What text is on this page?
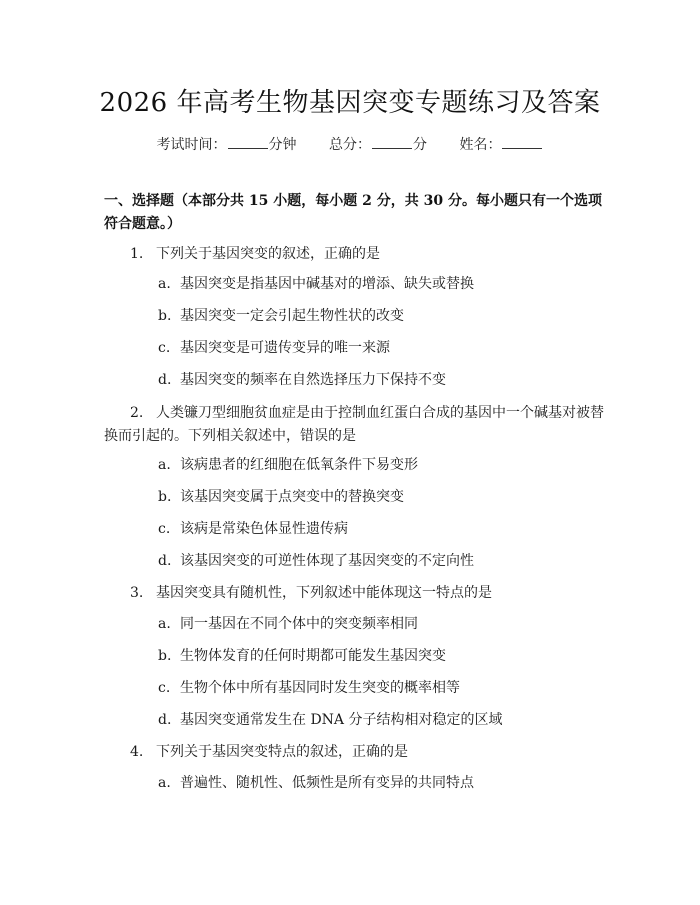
2026 年高考生物基因突变专题练习及答案
考试时间：	分钟 总分：	分 姓名：
一、选择题（本部分共 15 小题，每小题 2 分，共 30 分。每小题只有一个选项符合题意。）
1. 下列关于基因突变的叙述，正确的是
a. 基因突变是指基因中碱基对的增添、缺失或替换
b. 基因突变一定会引起生物性状的改变
c. 基因突变是可遗传变异的唯一来源
d. 基因突变的频率在自然选择压力下保持不变
2. 人类镰刀型细胞贫血症是由于控制血红蛋白合成的基因中一个碱基对被替换而引起的。下列相关叙述中，错误的是
a. 该病患者的红细胞在低氧条件下易变形
b. 该基因突变属于点突变中的替换突变
c. 该病是常染色体显性遗传病
d. 该基因突变的可逆性体现了基因突变的不定向性
3. 基因突变具有随机性，下列叙述中能体现这一特点的是
a. 同一基因在不同个体中的突变频率相同
b. 生物体发育的任何时期都可能发生基因突变
c. 生物个体中所有基因同时发生突变的概率相等
d. 基因突变通常发生在 DNA 分子结构相对稳定的区域
4. 下列关于基因突变特点的叙述，正确的是
a. 普遍性、随机性、低频性是所有变异的共同特点
